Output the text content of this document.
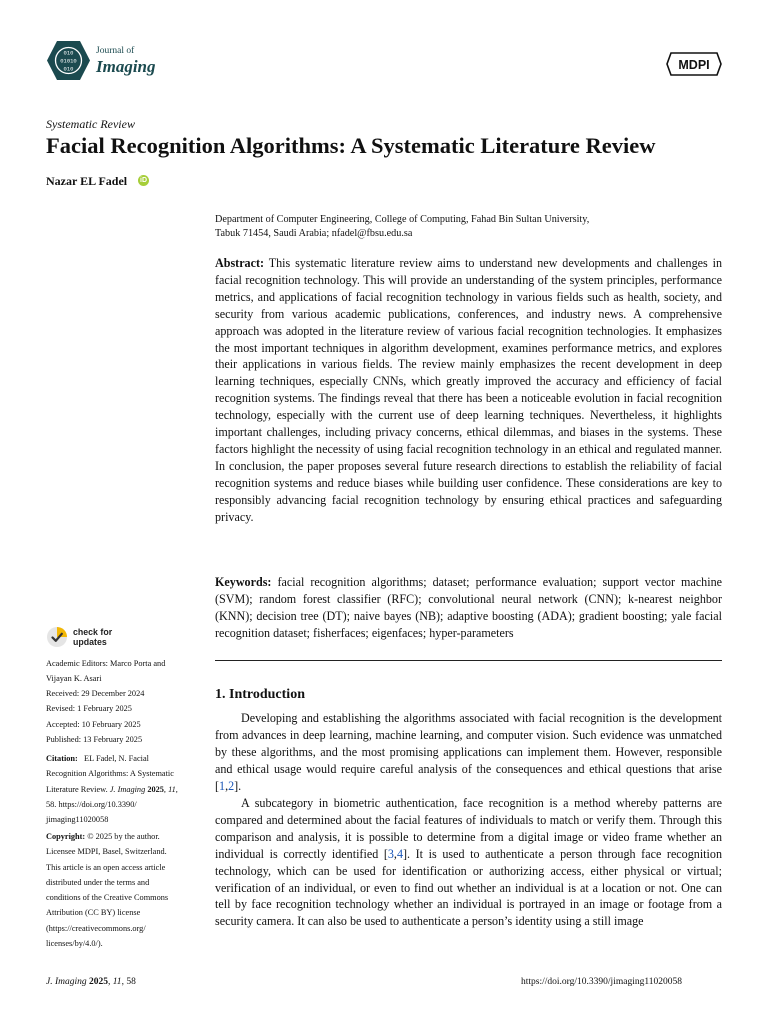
010
01010
010
Journal of
Imaging	MDPI
Systematic Review
Facial Recognition Algorithms: A Systematic Literature Review
Nazar EL Fadel iD
Department of Computer Engineering, College of Computing, Fahad Bin Sultan University,
Tabuk 71454, Saudi Arabia; nfadel@fbsu.edu.sa
Abstract: This systematic literature review aims to understand new developments and challenges in facial recognition technology. This will provide an understanding of the system principles, performance metrics, and applications of facial recognition technology in various fields such as health, society, and security from various academic publications, conferences, and industry news. A comprehensive approach was adopted in the literature review of various facial recognition technologies. It emphasizes the most important techniques in algorithm development, examines performance metrics, and explores their applications in various fields. The review mainly emphasizes the recent development in deep learning techniques, especially CNNs, which greatly improved the accuracy and efficiency of facial recognition systems. The findings reveal that there has been a noticeable evolution in facial recognition technology, especially with the current use of deep learning techniques. Nevertheless, it highlights important challenges, including privacy concerns, ethical dilemmas, and biases in the systems. These factors highlight the necessity of using facial recognition technology in an ethical and regulated manner. In conclusion, the paper proposes several future research directions to establish the reliability of facial recognition systems and reduce biases while building user confidence. These considerations are key to responsibly advancing facial recognition technology by ensuring ethical practices and safeguarding privacy.
Keywords: facial recognition algorithms; dataset; performance evaluation; support vector machine (SVM); random forest classifier (RFC); convolutional neural network (CNN); k-nearest neighbor (KNN); decision tree (DT); naive bayes (NB); adaptive boosting (ADA); gradient boosting; yale facial recognition dataset; fisherfaces; eigenfaces; hyper-parameters
1. Introduction
Developing and establishing the algorithms associated with facial recognition is the development from advances in deep learning, machine learning, and computer vision. Such evidence was unmatched by these algorithms, and the most promising applications can implement them. However, responsible and ethical usage would require careful analysis of the consequences and ethical questions that arise [1,2].
A subcategory in biometric authentication, face recognition is a method whereby patterns are compared and determined about the facial features of individuals to match or verify them. Through this comparison and analysis, it is possible to determine from a digital image or video frame whether an individual is correctly identified [3,4]. It is used to authenticate a person through face recognition technology, which can be used for identification or authorizing access, either physical or virtual; verification of an individual, or even to find out whether an individual is at a location or not. One can tell by face recognition technology whether an individual is portrayed in an image or footage from a security camera. It can also be used to authenticate a person’s identity using a still image
check for
updates

Academic Editors: Marco Porta and

Vijayan K. Asari

Received: 29 December 2024

Revised: 1 February 2025

Accepted: 10 February 2025

Published: 13 February 2025

Citation: EL Fadel, N. Facial

Recognition Algorithms: A Systematic

Literature Review. J. Imaging 2025, 11,

58. https://doi.org/10.3390/

jimaging11020058

Copyright: © 2025 by the author.

Licensee MDPI, Basel, Switzerland.

This article is an open access article

distributed under the terms and

conditions of the Creative Commons

Attribution (CC BY) license

(https://creativecommons.org/

licenses/by/4.0/).

J. Imaging 2025, 11, 58	https://doi.org/10.3390/jimaging11020058
